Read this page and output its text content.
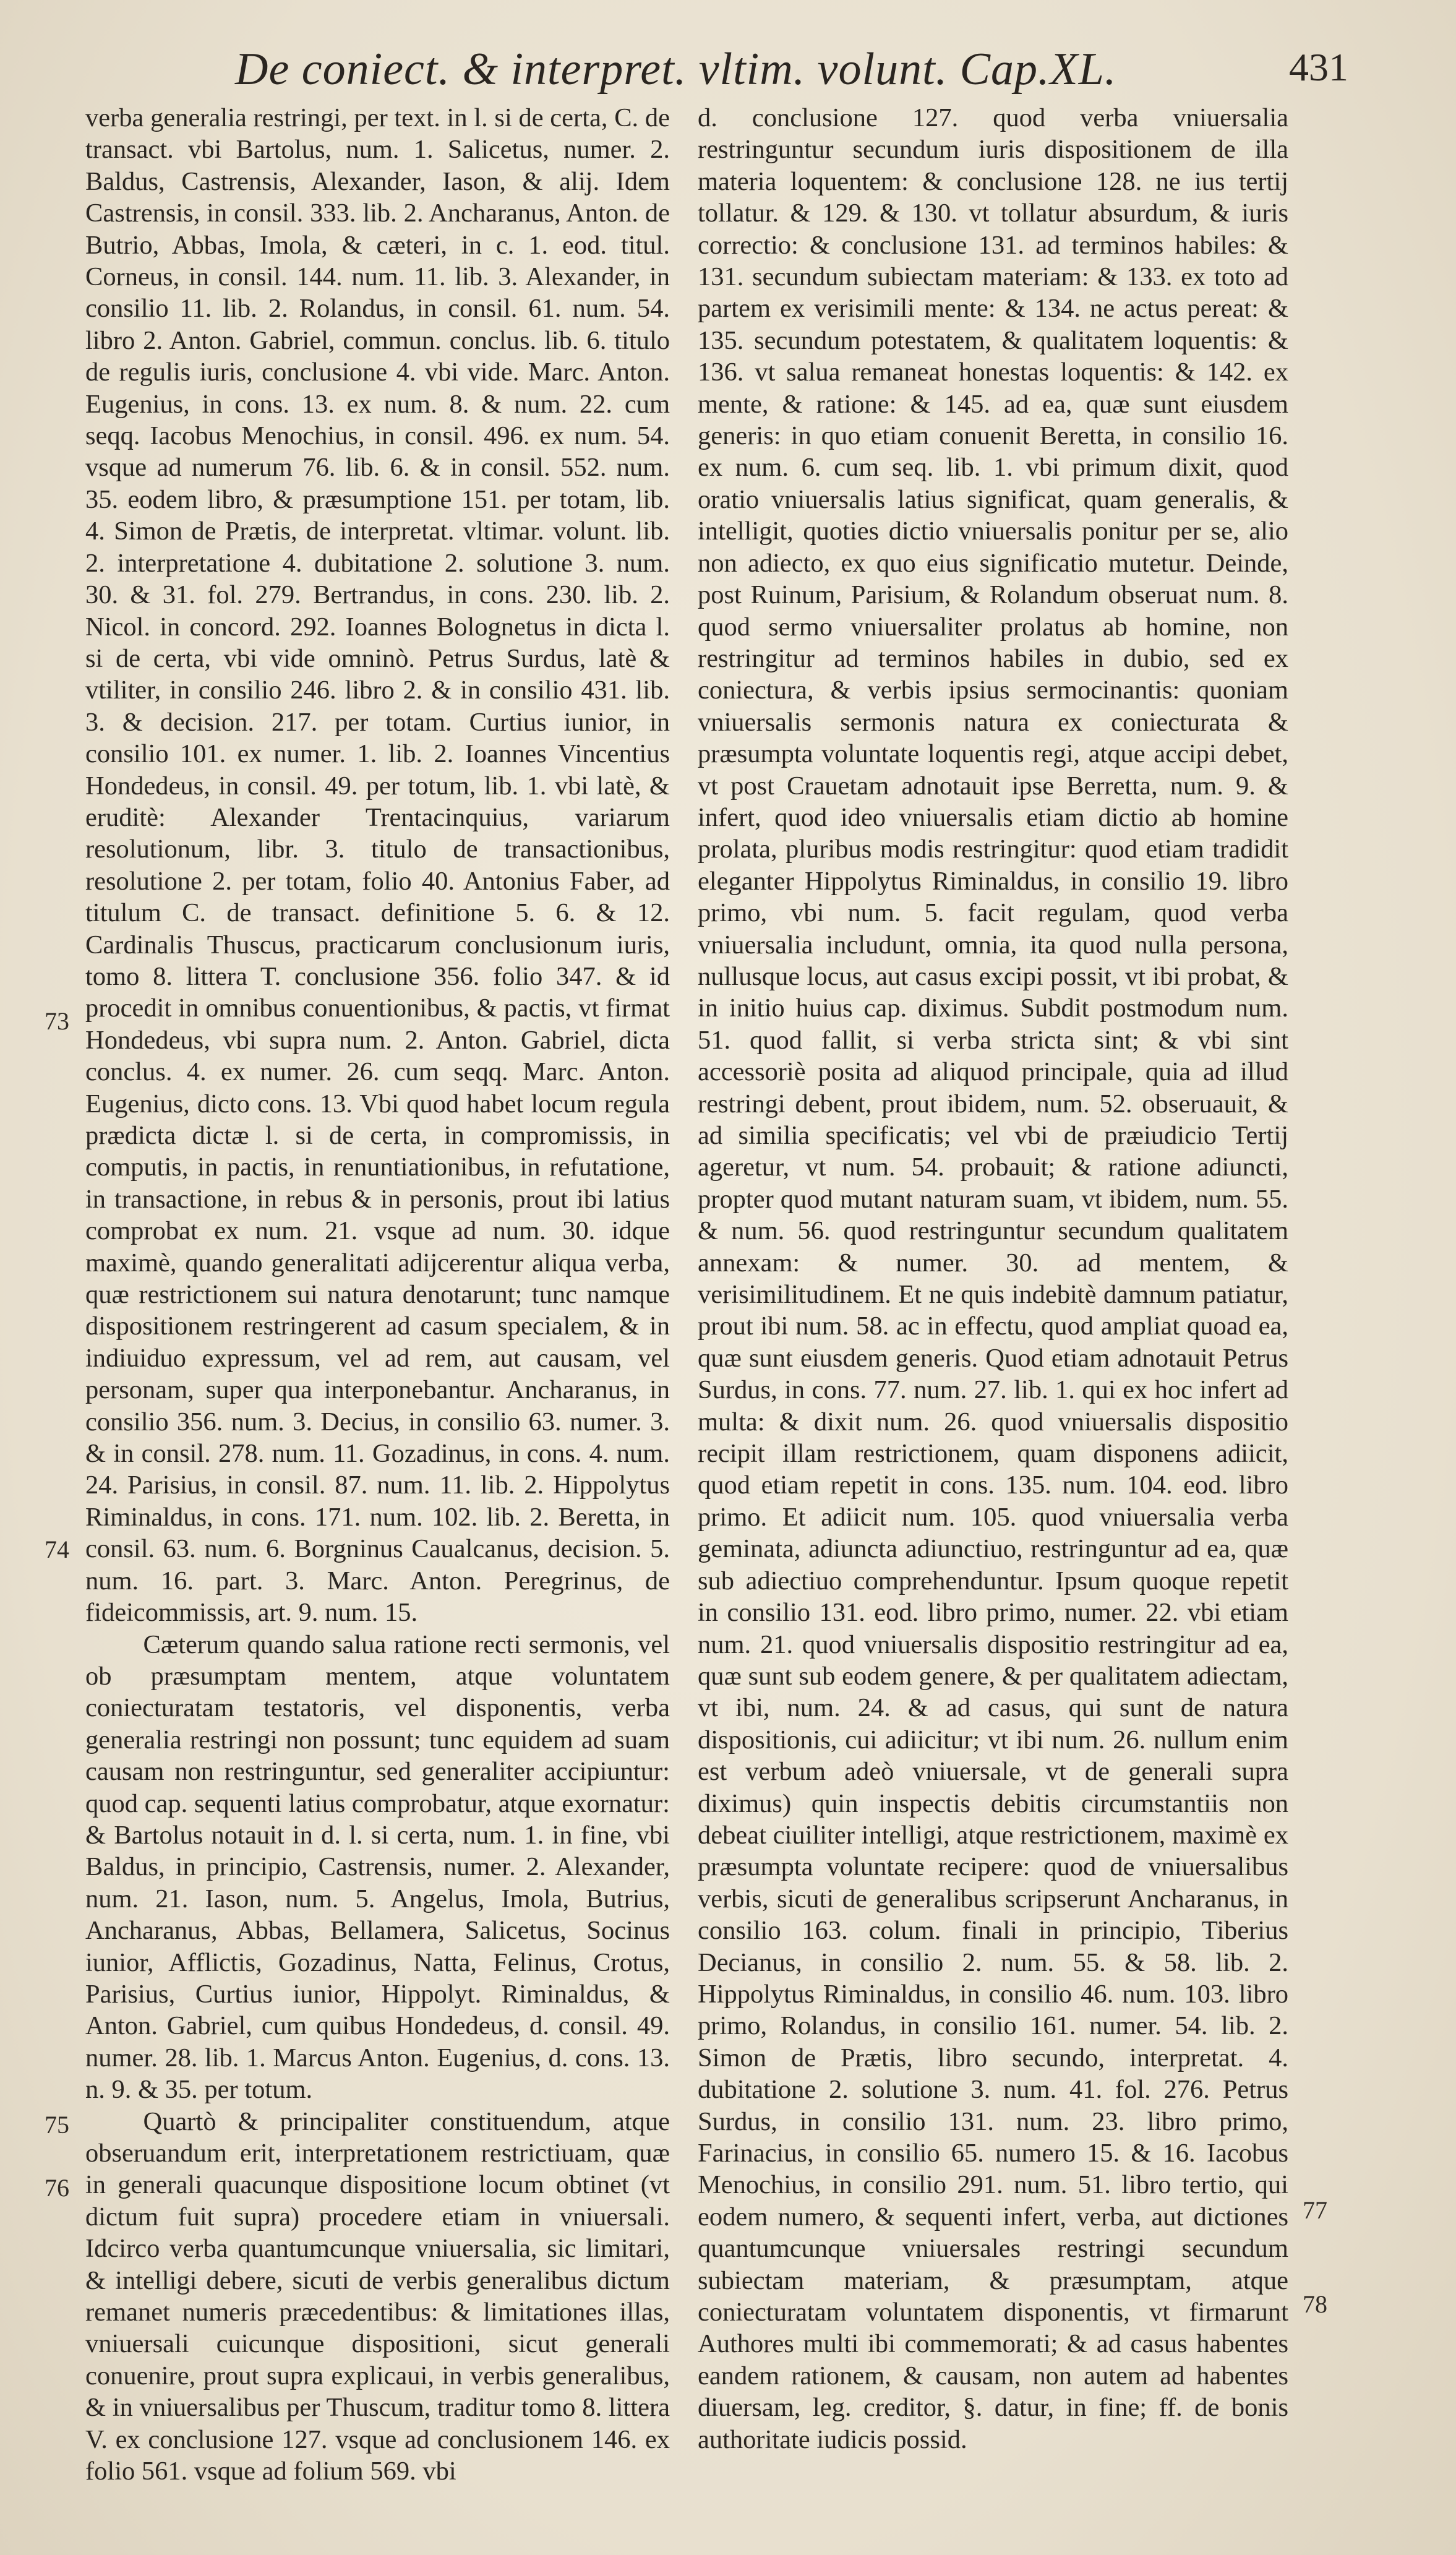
De coniect. & interpret. vltim. volunt. Cap.XL.	431

verba generalia restringi, per text. in l. si de certa, C. de transact. vbi Bartolus, num. 1. Salicetus, numer. 2. Baldus, Castrensis, Alexander, Iason, & alij. Idem Castrensis, in consil. 333. lib. 2. Ancharanus, Anton. de Butrio, Abbas, Imola, & cæteri, in c. 1. eod. titul. Corneus, in consil. 144. num. 11. lib. 3. Alexander, in consilio 11. lib. 2. Rolandus, in consil. 61. num. 54. libro 2. Anton. Gabriel, commun. conclus. lib. 6. titulo de regulis iuris, conclusione 4. vbi vide. Marc. Anton. Eugenius, in cons. 13. ex num. 8. & num. 22. cum seqq. Iacobus Menochius, in consil. 496. ex num. 54. vsque ad numerum 76. lib. 6. & in consil. 552. num. 35. eodem libro, & præsumptione 151. per totam, lib. 4. Simon de Prætis, de interpretat. vltimar. volunt. lib. 2. interpretatione 4. dubitatione 2. solutione 3. num. 30. & 31. fol. 279. Bertrandus, in cons. 230. lib. 2. Nicol. in concord. 292. Ioannes Bolognetus in dicta l. si de certa, vbi vide omninò. Petrus Surdus, latè & vtiliter, in consilio 246. libro 2. & in consilio 431. lib. 3. & decision. 217. per totam. Curtius iunior, in consilio 101. ex numer. 1. lib. 2. Ioannes Vincentius Hondedeus, in consil. 49. per totum, lib. 1. vbi latè, & eruditè: Alexander Trentacinquius, variarum resolutionum, libr. 3. titulo de transactionibus, resolutione 2. per totam, folio 40. Antonius Faber, ad titulum C. de transact. definitione 5. 6. & 12. Cardinalis Thuscus, practicarum conclusionum iuris, tomo 8. littera T. conclusione 356. folio 347. & id procedit in omnibus conuentionibus, & pactis, vt firmat Hondedeus, vbi supra num. 2. Anton. Gabriel, dicta conclus. 4. ex numer. 26. cum seqq. Marc. Anton. Eugenius, dicto cons. 13. Vbi quod habet locum regula prædicta dictæ l. si de certa, in compromissis, in computis, in pactis, in renuntiationibus, in refutatione, in transactione, in rebus & in personis, prout ibi latius comprobat ex num. 21. vsque ad num. 30. idque maximè, quando generalitati adijcerentur aliqua verba, quæ restrictionem sui natura denotarunt; tunc namque dispositionem restringerent ad casum specialem, & in indiuiduo expressum, vel ad rem, aut causam, vel personam, super qua interponebantur. Ancharanus, in consilio 356. num. 3. Decius, in consilio 63. numer. 3. & in consil. 278. num. 11. Gozadinus, in cons. 4. num. 24. Parisius, in consil. 87. num. 11. lib. 2. Hippolytus Riminaldus, in cons. 171. num. 102. lib. 2. Beretta, in consil. 63. num. 6. Borgninus Caualcanus, decision. 5. num. 16. part. 3. Marc. Anton. Peregrinus, de fideicommissis, art. 9. num. 15.

Cæterum quando salua ratione recti sermonis, vel ob præsumptam mentem, atque voluntatem coniecturatam testatoris, vel disponentis, verba generalia restringi non possunt; tunc equidem ad suam causam non restringuntur, sed generaliter accipiuntur: quod cap. sequenti latius comprobatur, atque exornatur: & Bartolus notauit in d. l. si certa, num. 1. in fine, vbi Baldus, in principio, Castrensis, numer. 2. Alexander, num. 21. Iason, num. 5. Angelus, Imola, Butrius, Ancharanus, Abbas, Bellamera, Salicetus, Socinus iunior, Afflictis, Gozadinus, Natta, Felinus, Crotus, Parisius, Curtius iunior, Hippolyt. Riminaldus, & Anton. Gabriel, cum quibus Hondedeus, d. consil. 49. numer. 28. lib. 1. Marcus Anton. Eugenius, d. cons. 13. n. 9. & 35. per totum.

Quartò & principaliter constituendum, atque obseruandum erit, interpretationem restrictiuam, quæ in generali quacunque dispositione locum obtinet (vt dictum fuit supra) procedere etiam in vniuersali. Idcirco verba quantumcunque vniuersalia, sic limitari, & intelligi debere, sicuti de verbis generalibus dictum remanet numeris præcedentibus: & limitationes illas, vniuersali cuicunque dispositioni, sicut generali conuenire, prout supra explicaui, in verbis generalibus, & in vniuersalibus per Thuscum, traditur tomo 8. littera V. ex conclusione 127. vsque ad conclusionem 146. ex folio 561. vsque ad folium 569. vbi

d. conclusione 127. quod verba vniuersalia restringuntur secundum iuris dispositionem de illa materia loquentem: & conclusione 128. ne ius tertij tollatur. & 129. & 130. vt tollatur absurdum, & iuris correctio: & conclusione 131. ad terminos habiles: & 131. secundum subiectam materiam: & 133. ex toto ad partem ex verisimili mente: & 134. ne actus pereat: & 135. secundum potestatem, & qualitatem loquentis: & 136. vt salua remaneat honestas loquentis: & 142. ex mente, & ratione: & 145. ad ea, quæ sunt eiusdem generis: in quo etiam conuenit Beretta, in consilio 16. ex num. 6. cum seq. lib. 1. vbi primum dixit, quod oratio vniuersalis latius significat, quam generalis, & intelligit, quoties dictio vniuersalis ponitur per se, alio non adiecto, ex quo eius significatio mutetur. Deinde, post Ruinum, Parisium, & Rolandum obseruat num. 8. quod sermo vniuersaliter prolatus ab homine, non restringitur ad terminos habiles in dubio, sed ex coniectura, & verbis ipsius sermocinantis: quoniam vniuersalis sermonis natura ex coniecturata & præsumpta voluntate loquentis regi, atque accipi debet, vt post Crauetam adnotauit ipse Berretta, num. 9. & infert, quod ideo vniuersalis etiam dictio ab homine prolata, pluribus modis restringitur: quod etiam tradidit eleganter Hippolytus Riminaldus, in consilio 19. libro primo, vbi num. 5. facit regulam, quod verba vniuersalia includunt, omnia, ita quod nulla persona, nullusque locus, aut casus excipi possit, vt ibi probat, & in initio huius cap. diximus. Subdit postmodum num. 51. quod fallit, si verba stricta sint; & vbi sint accessoriè posita ad aliquod principale, quia ad illud restringi debent, prout ibidem, num. 52. obseruauit, & ad similia specificatis; vel vbi de præiudicio Tertij ageretur, vt num. 54. probauit; & ratione adiuncti, propter quod mutant naturam suam, vt ibidem, num. 55. & num. 56. quod restringuntur secundum qualitatem annexam: & numer. 30. ad mentem, & verisimilitudinem. Et ne quis indebitè damnum patiatur, prout ibi num. 58. ac in effectu, quod ampliat quoad ea, quæ sunt eiusdem generis. Quod etiam adnotauit Petrus Surdus, in cons. 77. num. 27. lib. 1. qui ex hoc infert ad multa: & dixit num. 26. quod vniuersalis dispositio recipit illam restrictionem, quam disponens adiicit, quod etiam repetit in cons. 135. num. 104. eod. libro primo. Et adiicit num. 105. quod vniuersalia verba geminata, adiuncta adiunctiuo, restringuntur ad ea, quæ sub adiectiuo comprehenduntur. Ipsum quoque repetit in consilio 131. eod. libro primo, numer. 22. vbi etiam num. 21. quod vniuersalis dispositio restringitur ad ea, quæ sunt sub eodem genere, & per qualitatem adiectam, vt ibi, num. 24. & ad casus, qui sunt de natura dispositionis, cui adiicitur; vt ibi num. 26. nullum enim est verbum adeò vniuersale, vt de generali supra diximus) quin inspectis debitis circumstantiis non debeat ciuiliter intelligi, atque restrictionem, maximè ex præsumpta voluntate recipere: quod de vniuersalibus verbis, sicuti de generalibus scripserunt Ancharanus, in consilio 163. colum. finali in principio, Tiberius Decianus, in consilio 2. num. 55. & 58. lib. 2. Hippolytus Riminaldus, in consilio 46. num. 103. libro primo, Rolandus, in consilio 161. numer. 54. lib. 2. Simon de Prætis, libro secundo, interpretat. 4. dubitatione 2. solutione 3. num. 41. fol. 276. Petrus Surdus, in consilio 131. num. 23. libro primo, Farinacius, in consilio 65. numero 15. & 16. Iacobus Menochius, in consilio 291. num. 51. libro tertio, qui eodem numero, & sequenti infert, verba, aut dictiones quantumcunque vniuersales restringi secundum subiectam materiam, & præsumptam, atque coniecturatam voluntatem disponentis, vt firmarunt Authores multi ibi commemorati; & ad casus habentes eandem rationem, & causam, non autem ad habentes diuersam, leg. creditor, §. datur, in fine; ff. de bonis authoritate iudicis possid.

73
74
75
76
77
78
